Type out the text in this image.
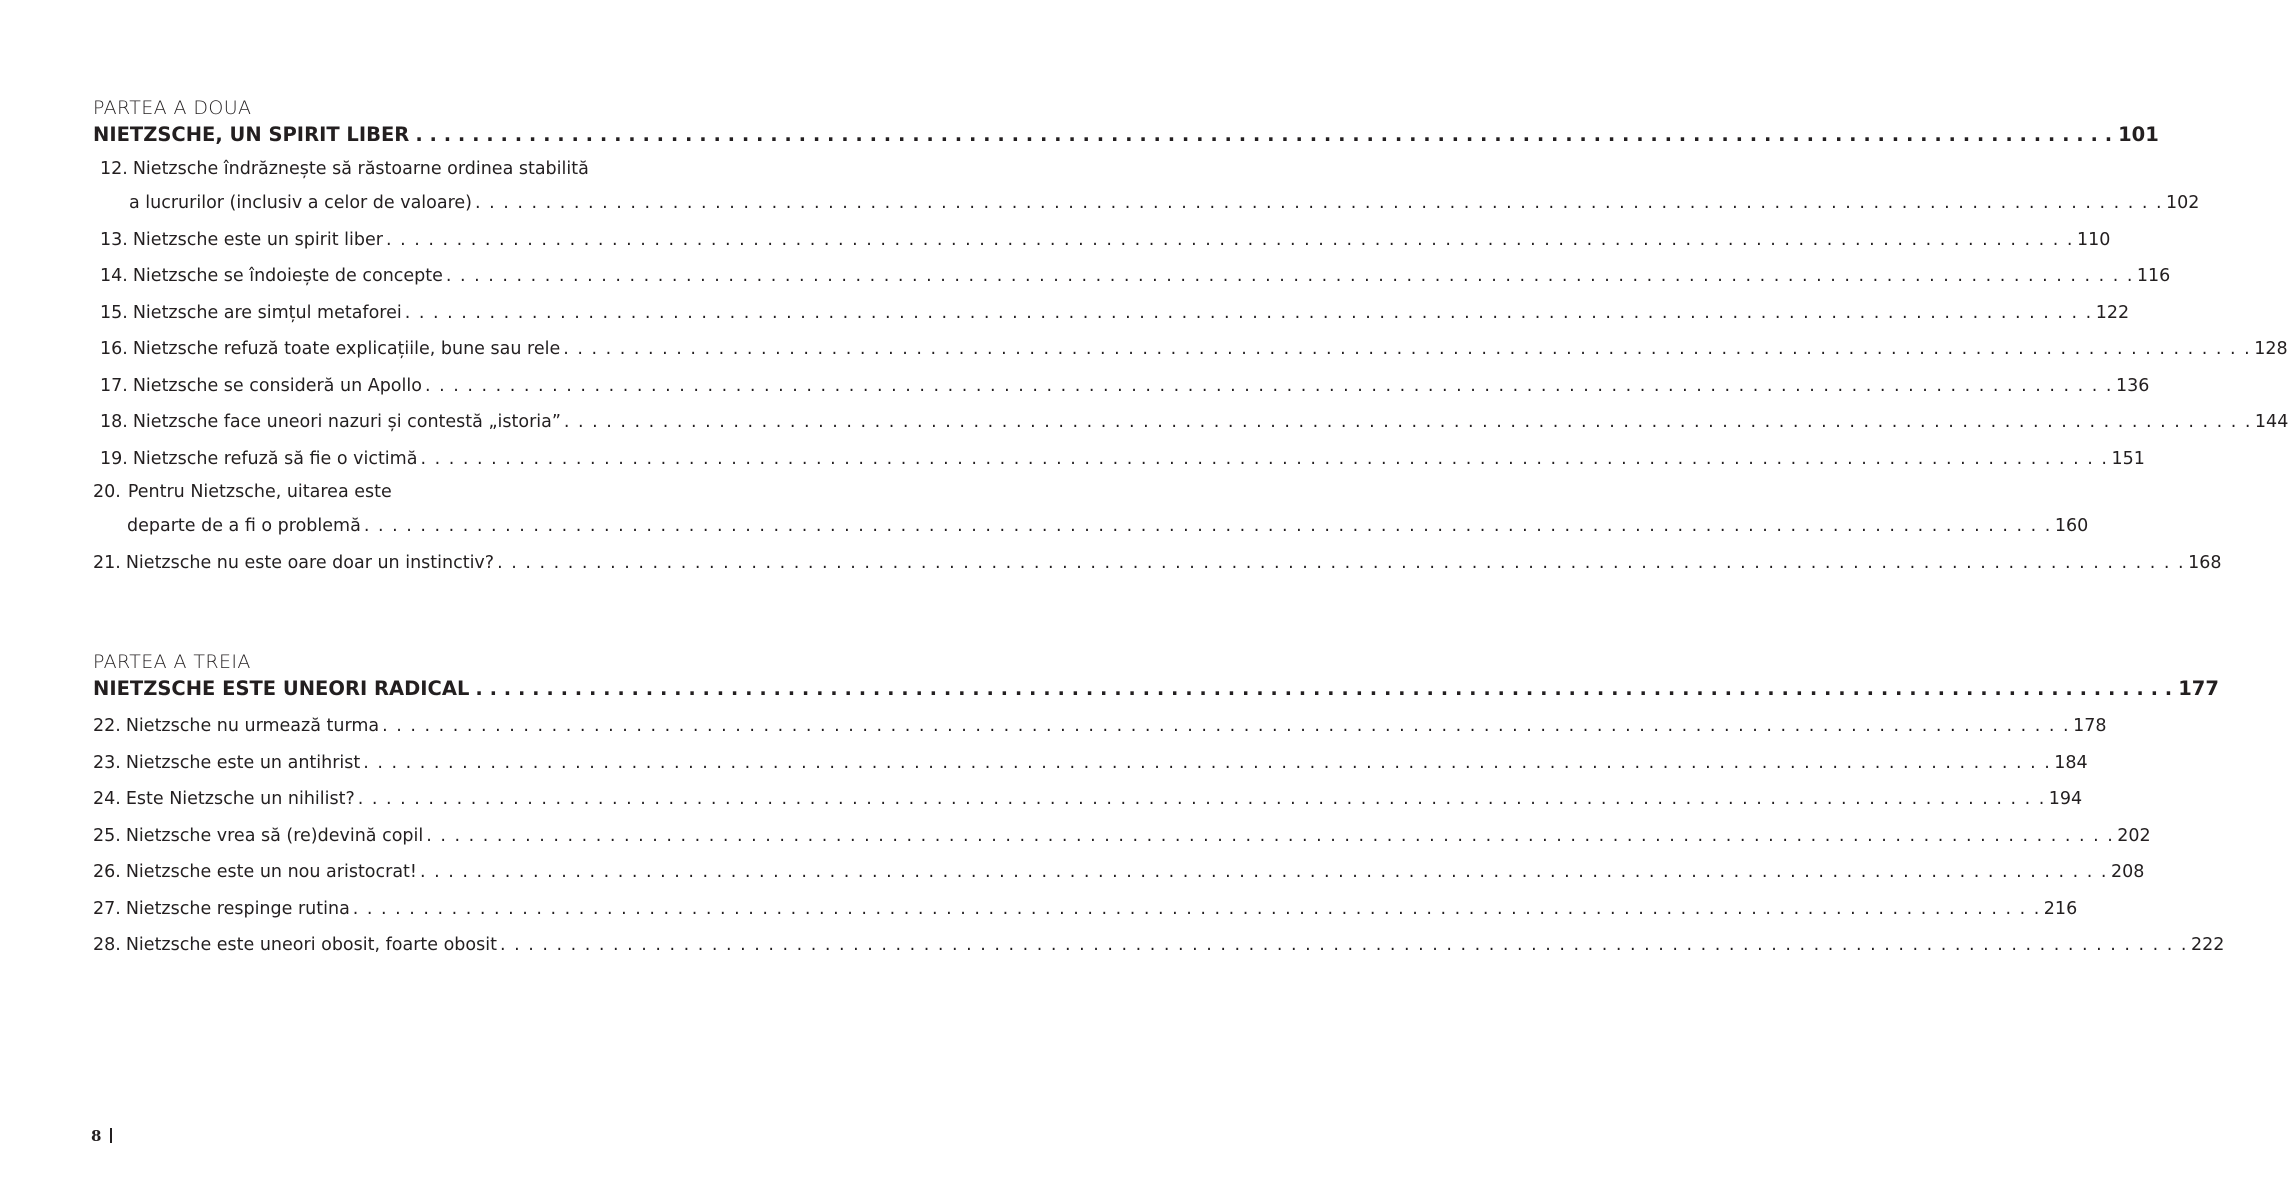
PARTEA A DOUA
NIETZSCHE, UN SPIRIT LIBER . . . . . . . . . . . . . . . . . . . . . . . . . . . . . . . . . . . . . . . . . . . . . . . . . . . . . . . . . . . . . . . . . . . . . . . . . . . . . . . . . . . . . . . . . . . . . . . . . . . . . . . . . . . . . . . . . . . . . . . . 101
12. Nietzsche îndrăznește să răstoarne ordinea stabilită
a lucrurilor (inclusiv a celor de valoare) . . . . . . . . . . . . . . . . . . . . . . . . . . . . . . . . . . . . . . . . . . . . . . . . . . . . . . . . . . . . . . . . . . . . . . . . . . . . . . . . . . . . . . . . . . . . . . . . . . . . . . . . . . . . . . . . . . . . . . . . 102
13. Nietzsche este un spirit liber . . . . . . . . . . . . . . . . . . . . . . . . . . . . . . . . . . . . . . . . . . . . . . . . . . . . . . . . . . . . . . . . . . . . . . . . . . . . . . . . . . . . . . . . . . . . . . . . . . . . . . . . . . . . . . . . . . . . . . . . 110
14. Nietzsche se îndoiește de concepte . . . . . . . . . . . . . . . . . . . . . . . . . . . . . . . . . . . . . . . . . . . . . . . . . . . . . . . . . . . . . . . . . . . . . . . . . . . . . . . . . . . . . . . . . . . . . . . . . . . . . . . . . . . . . . . . . . . . . . . . 116
15. Nietzsche are simțul metaforei . . . . . . . . . . . . . . . . . . . . . . . . . . . . . . . . . . . . . . . . . . . . . . . . . . . . . . . . . . . . . . . . . . . . . . . . . . . . . . . . . . . . . . . . . . . . . . . . . . . . . . . . . . . . . . . . . . . . . . . . 122
16. Nietzsche refuză toate explicațiile, bune sau rele . . . . . . . . . . . . . . . . . . . . . . . . . . . . . . . . . . . . . . . . . . . . . . . . . . . . . . . . . . . . . . . . . . . . . . . . . . . . . . . . . . . . . . . . . . . . . . . . . . . . . . . . . . . . . . . . . . . . . . . . 128
17. Nietzsche se consideră un Apollo . . . . . . . . . . . . . . . . . . . . . . . . . . . . . . . . . . . . . . . . . . . . . . . . . . . . . . . . . . . . . . . . . . . . . . . . . . . . . . . . . . . . . . . . . . . . . . . . . . . . . . . . . . . . . . . . . . . . . . . . 136
18. Nietzsche face uneori nazuri și contestă „istoria” . . . . . . . . . . . . . . . . . . . . . . . . . . . . . . . . . . . . . . . . . . . . . . . . . . . . . . . . . . . . . . . . . . . . . . . . . . . . . . . . . . . . . . . . . . . . . . . . . . . . . . . . . . . . . . . . . . . . . . . . 144
19. Nietzsche refuză să fie o victimă . . . . . . . . . . . . . . . . . . . . . . . . . . . . . . . . . . . . . . . . . . . . . . . . . . . . . . . . . . . . . . . . . . . . . . . . . . . . . . . . . . . . . . . . . . . . . . . . . . . . . . . . . . . . . . . . . . . . . . . . 151
20. Pentru Nietzsche, uitarea este
departe de a fi o problemă . . . . . . . . . . . . . . . . . . . . . . . . . . . . . . . . . . . . . . . . . . . . . . . . . . . . . . . . . . . . . . . . . . . . . . . . . . . . . . . . . . . . . . . . . . . . . . . . . . . . . . . . . . . . . . . . . . . . . . . . 160
21. Nietzsche nu este oare doar un instinctiv? . . . . . . . . . . . . . . . . . . . . . . . . . . . . . . . . . . . . . . . . . . . . . . . . . . . . . . . . . . . . . . . . . . . . . . . . . . . . . . . . . . . . . . . . . . . . . . . . . . . . . . . . . . . . . . . . . . . . . . . . 168
PARTEA A TREIA
NIETZSCHE ESTE UNEORI RADICAL . . . . . . . . . . . . . . . . . . . . . . . . . . . . . . . . . . . . . . . . . . . . . . . . . . . . . . . . . . . . . . . . . . . . . . . . . . . . . . . . . . . . . . . . . . . . . . . . . . . . . . . . . . . . . . . . . . . . . . . . 177
22. Nietzsche nu urmează turma . . . . . . . . . . . . . . . . . . . . . . . . . . . . . . . . . . . . . . . . . . . . . . . . . . . . . . . . . . . . . . . . . . . . . . . . . . . . . . . . . . . . . . . . . . . . . . . . . . . . . . . . . . . . . . . . . . . . . . . . 178
23. Nietzsche este un antihrist . . . . . . . . . . . . . . . . . . . . . . . . . . . . . . . . . . . . . . . . . . . . . . . . . . . . . . . . . . . . . . . . . . . . . . . . . . . . . . . . . . . . . . . . . . . . . . . . . . . . . . . . . . . . . . . . . . . . . . . . 184
24. Este Nietzsche un nihilist? . . . . . . . . . . . . . . . . . . . . . . . . . . . . . . . . . . . . . . . . . . . . . . . . . . . . . . . . . . . . . . . . . . . . . . . . . . . . . . . . . . . . . . . . . . . . . . . . . . . . . . . . . . . . . . . . . . . . . . . . 194
25. Nietzsche vrea să (re)devină copil . . . . . . . . . . . . . . . . . . . . . . . . . . . . . . . . . . . . . . . . . . . . . . . . . . . . . . . . . . . . . . . . . . . . . . . . . . . . . . . . . . . . . . . . . . . . . . . . . . . . . . . . . . . . . . . . . . . . . . . . 202
26. Nietzsche este un nou aristocrat! . . . . . . . . . . . . . . . . . . . . . . . . . . . . . . . . . . . . . . . . . . . . . . . . . . . . . . . . . . . . . . . . . . . . . . . . . . . . . . . . . . . . . . . . . . . . . . . . . . . . . . . . . . . . . . . . . . . . . . . . 208
27. Nietzsche respinge rutina . . . . . . . . . . . . . . . . . . . . . . . . . . . . . . . . . . . . . . . . . . . . . . . . . . . . . . . . . . . . . . . . . . . . . . . . . . . . . . . . . . . . . . . . . . . . . . . . . . . . . . . . . . . . . . . . . . . . . . . . 216
28. Nietzsche este uneori obosit, foarte obosit . . . . . . . . . . . . . . . . . . . . . . . . . . . . . . . . . . . . . . . . . . . . . . . . . . . . . . . . . . . . . . . . . . . . . . . . . . . . . . . . . . . . . . . . . . . . . . . . . . . . . . . . . . . . . . . . . . . . . . . . 222
8
